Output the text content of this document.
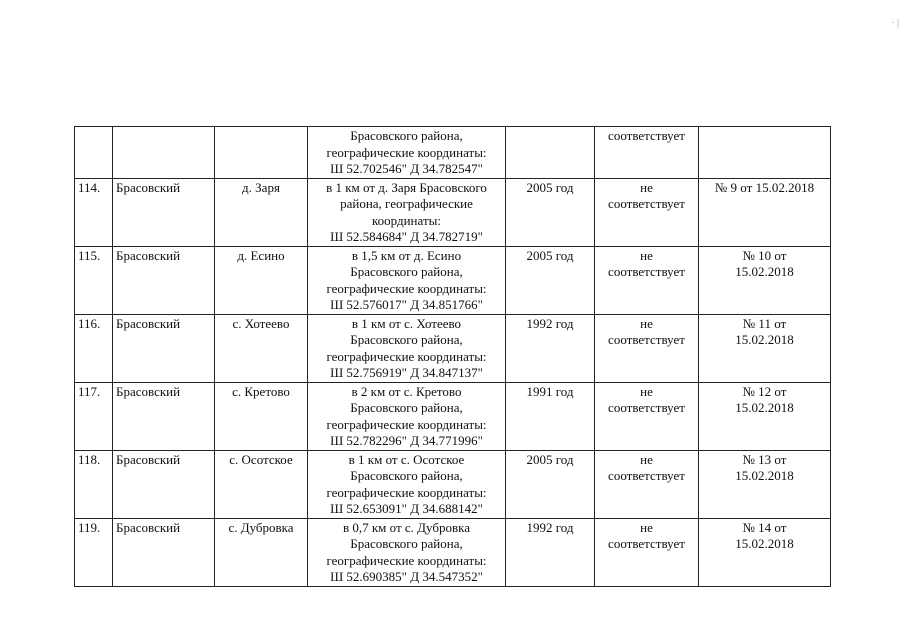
· |

			Брасовского района,
географические координаты:
Ш 52.702546" Д 34.782547"		соответствует	

114.	Брасовский	д. Заря	в 1 км от д. Заря Брасовского
района, географические
координаты:
Ш 52.584684" Д 34.782719"	2005 год	не
соответствует	№ 9 от 15.02.2018

115.	Брасовский	д. Есино	в 1,5 км от д. Есино
Брасовского района,
географические координаты:
Ш 52.576017" Д 34.851766"	2005 год	не
соответствует	№ 10 от
15.02.2018

116.	Брасовский	с. Хотеево	в 1 км от с. Хотеево
Брасовского района,
географические координаты:
Ш 52.756919" Д 34.847137"	1992 год	не
соответствует	№ 11 от
15.02.2018

117.	Брасовский	с. Кретово	в 2 км от с. Кретово
Брасовского района,
географические координаты:
Ш 52.782296" Д 34.771996"	1991 год	не
соответствует	№ 12 от
15.02.2018

118.	Брасовский	с. Осотское	в 1 км от с. Осотское
Брасовского района,
географические координаты:
Ш 52.653091" Д 34.688142"	2005 год	не
соответствует	№ 13 от
15.02.2018

119.	Брасовский	с. Дубровка	в 0,7 км от с. Дубровка
Брасовского района,
географические координаты:
Ш 52.690385" Д 34.547352"	1992 год	не
соответствует	№ 14 от
15.02.2018
